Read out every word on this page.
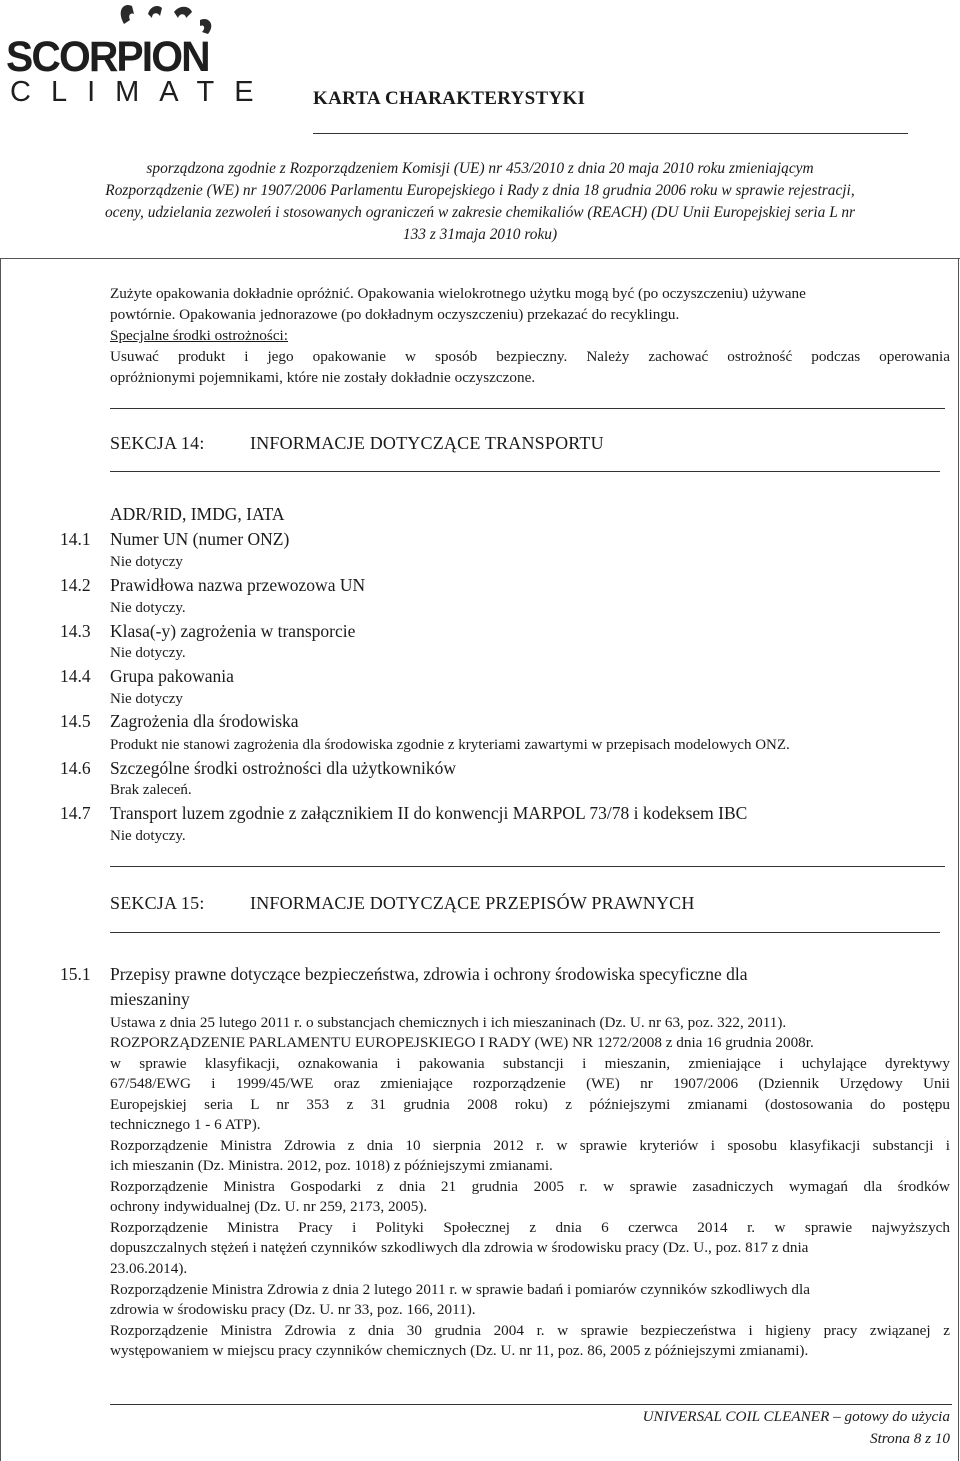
SCORPION
CLIMATE KARTA CHARAKTERYSTYKI
sporządzona zgodnie z Rozporządzeniem Komisji (UE) nr 453/2010 z dnia 20 maja 2010 roku zmieniającym
Rozporządzenie (WE) nr 1907/2006 Parlamentu Europejskiego i Rady z dnia 18 grudnia 2006 roku w sprawie rejestracji,
oceny, udzielania zezwoleń i stosowanych ograniczeń w zakresie chemikaliów (REACH) (DU Unii Europejskiej seria L nr
133 z 31maja 2010 roku)
Zużyte opakowania dokładnie opróżnić. Opakowania wielokrotnego użytku mogą być (po oczyszczeniu) używane
powtórnie. Opakowania jednorazowe (po dokładnym oczyszczeniu) przekazać do recyklingu.
Specjalne środki ostrożności:
Usuwać produkt i jego opakowanie w sposób bezpieczny. Należy zachować ostrożność podczas operowania
opróżnionymi pojemnikami, które nie zostały dokładnie oczyszczone.
SEKCJA 14:	INFORMACJE DOTYCZĄCE TRANSPORTU
ADR/RID, IMDG, IATA
14.1 Numer UN (numer ONZ)
Nie dotyczy
14.2 Prawidłowa nazwa przewozowa UN
Nie dotyczy.
14.3 Klasa(-y) zagrożenia w transporcie
Nie dotyczy.
14.4 Grupa pakowania
Nie dotyczy
14.5 Zagrożenia dla środowiska
Produkt nie stanowi zagrożenia dla środowiska zgodnie z kryteriami zawartymi w przepisach modelowych ONZ.
14.6 Szczególne środki ostrożności dla użytkowników
Brak zaleceń.
14.7 Transport luzem zgodnie z załącznikiem II do konwencji MARPOL 73/78 i kodeksem IBC
Nie dotyczy.
SEKCJA 15:	INFORMACJE DOTYCZĄCE PRZEPISÓW PRAWNYCH
15.1 Przepisy prawne dotyczące bezpieczeństwa, zdrowia i ochrony środowiska specyficzne dla
mieszaniny
Ustawa z dnia 25 lutego 2011 r. o substancjach chemicznych i ich mieszaninach (Dz. U. nr 63, poz. 322, 2011).
ROZPORZĄDZENIE PARLAMENTU EUROPEJSKIEGO I RADY (WE) NR 1272/2008 z dnia 16 grudnia 2008r.
w sprawie klasyfikacji, oznakowania i pakowania substancji i mieszanin, zmieniające i uchylające dyrektywy
67/548/EWG i 1999/45/WE oraz zmieniające rozporządzenie (WE) nr 1907/2006 (Dziennik Urzędowy Unii
Europejskiej seria L nr 353 z 31 grudnia 2008 roku) z późniejszymi zmianami (dostosowania do postępu
technicznego 1 - 6 ATP).
Rozporządzenie Ministra Zdrowia z dnia 10 sierpnia 2012 r. w sprawie kryteriów i sposobu klasyfikacji substancji i
ich mieszanin (Dz. Ministra. 2012, poz. 1018) z późniejszymi zmianami.
Rozporządzenie Ministra Gospodarki z dnia 21 grudnia 2005 r. w sprawie zasadniczych wymagań dla środków
ochrony indywidualnej (Dz. U. nr 259, 2173, 2005).
Rozporządzenie Ministra Pracy i Polityki Społecznej z dnia 6 czerwca 2014 r. w sprawie najwyższych
dopuszczalnych stężeń i natężeń czynników szkodliwych dla zdrowia w środowisku pracy (Dz. U., poz. 817 z dnia
23.06.2014).
Rozporządzenie Ministra Zdrowia z dnia 2 lutego 2011 r. w sprawie badań i pomiarów czynników szkodliwych dla
zdrowia w środowisku pracy (Dz. U. nr 33, poz. 166, 2011).
Rozporządzenie Ministra Zdrowia z dnia 30 grudnia 2004 r. w sprawie bezpieczeństwa i higieny pracy związanej z
występowaniem w miejscu pracy czynników chemicznych (Dz. U. nr 11, poz. 86, 2005 z późniejszymi zmianami).
UNIVERSAL COIL CLEANER – gotowy do użycia
Strona 8 z 10
